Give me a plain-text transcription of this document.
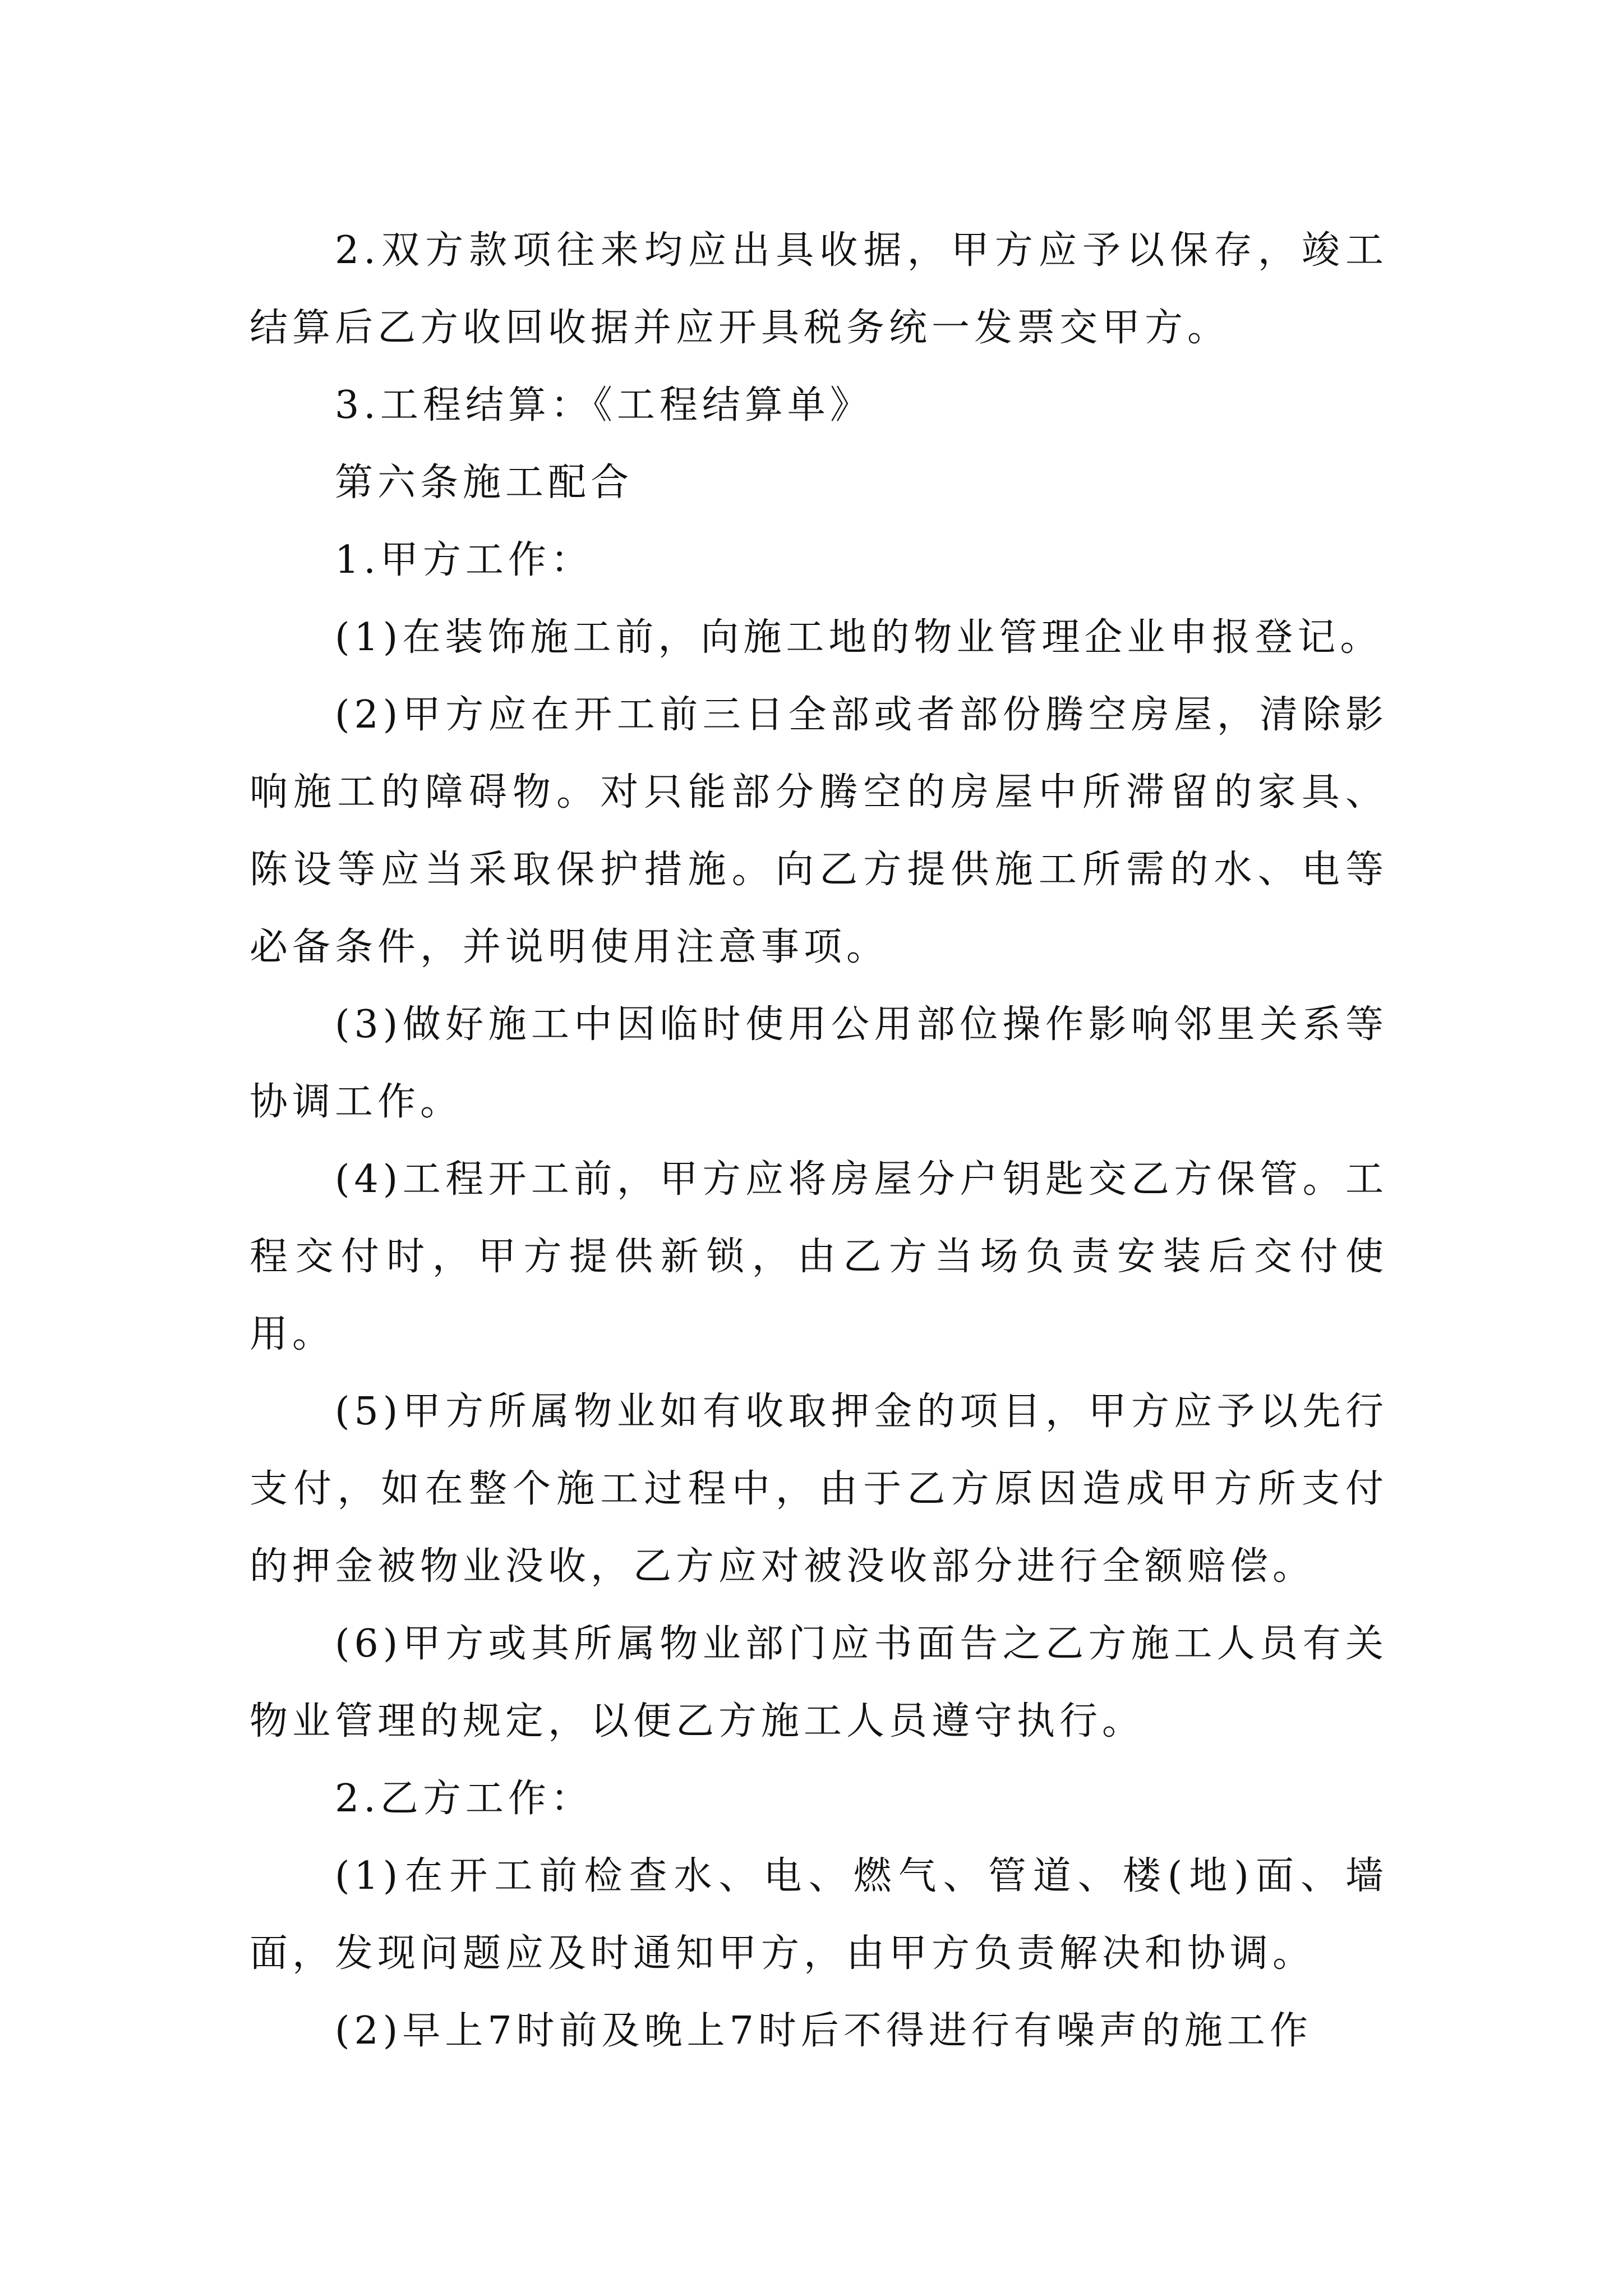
2.双方款项往来均应出具收据，甲方应予以保存，竣工结算后乙方收回收据并应开具税务统一发票交甲方。

3.工程结算：《工程结算单》

第六条施工配合

1.甲方工作：

(1)在装饰施工前，向施工地的物业管理企业申报登记。

(2)甲方应在开工前三日全部或者部份腾空房屋，清除影响施工的障碍物。对只能部分腾空的房屋中所滞留的家具、陈设等应当采取保护措施。向乙方提供施工所需的水、电等必备条件，并说明使用注意事项。

(3)做好施工中因临时使用公用部位操作影响邻里关系等协调工作。

(4)工程开工前，甲方应将房屋分户钥匙交乙方保管。工程交付时，甲方提供新锁，由乙方当场负责安装后交付使用。

(5)甲方所属物业如有收取押金的项目，甲方应予以先行支付，如在整个施工过程中，由于乙方原因造成甲方所支付的押金被物业没收，乙方应对被没收部分进行全额赔偿。

(6)甲方或其所属物业部门应书面告之乙方施工人员有关物业管理的规定，以便乙方施工人员遵守执行。

2.乙方工作：

(1)在开工前检查水、电、燃气、管道、楼(地)面、墙面，发现问题应及时通知甲方，由甲方负责解决和协调。

(2)早上7时前及晚上7时后不得进行有噪声的施工作
